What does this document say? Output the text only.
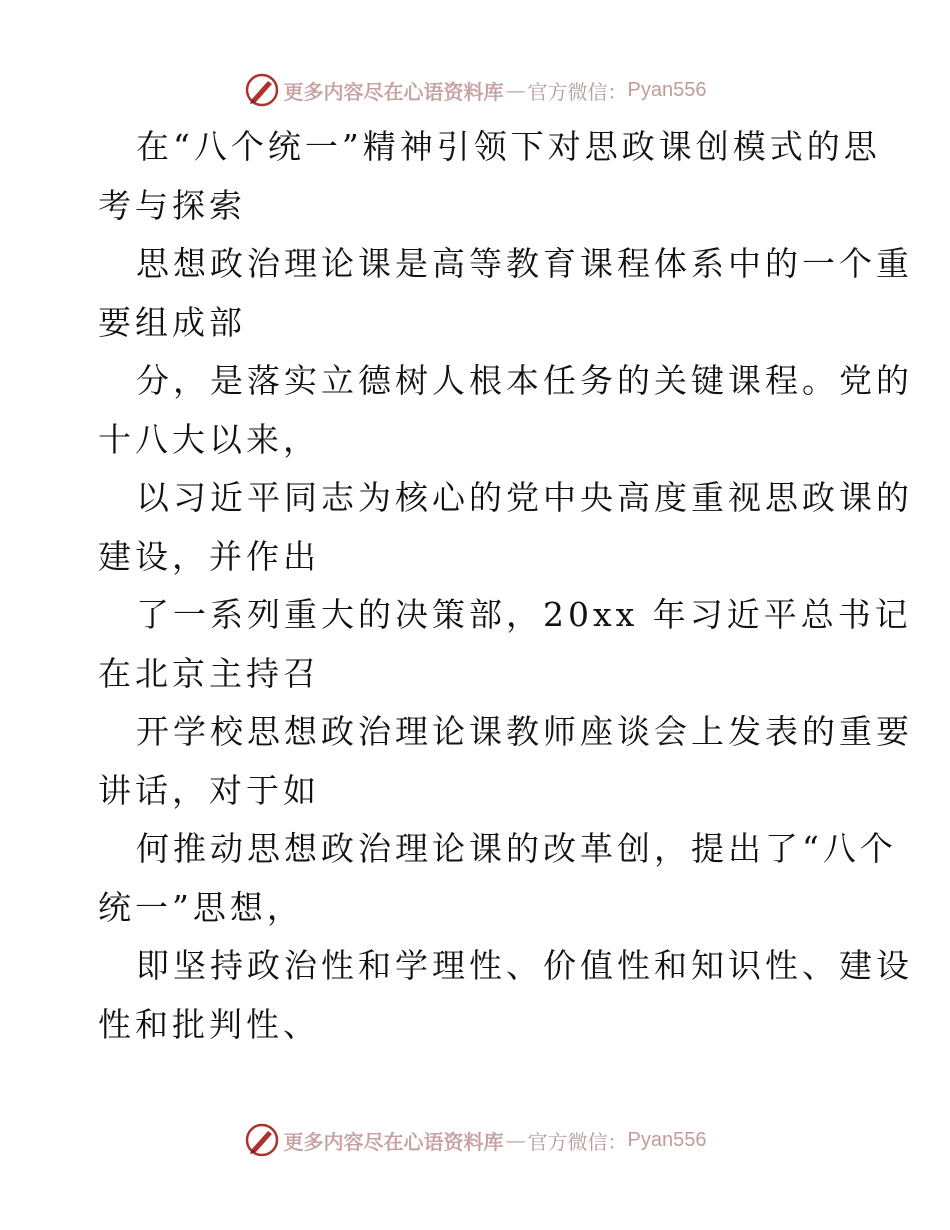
更多内容尽在心语资料库 — 官方微信： Pyan556
在“八个统一”精神引领下对思政课创模式的思
考与探索
思想政治理论课是高等教育课程体系中的一个重
要组成部
分，是落实立德树人根本任务的关键课程。党的
十八大以来，
以习近平同志为核心的党中央高度重视思政课的
建设，并作出
了一系列重大的决策部，20xx 年习近平总书记
在北京主持召
开学校思想政治理论课教师座谈会上发表的重要
讲话，对于如
何推动思想政治理论课的改革创，提出了“八个
统一”思想，
即坚持政治性和学理性、价值性和知识性、建设
性和批判性、
更多内容尽在心语资料库 — 官方微信： Pyan556
